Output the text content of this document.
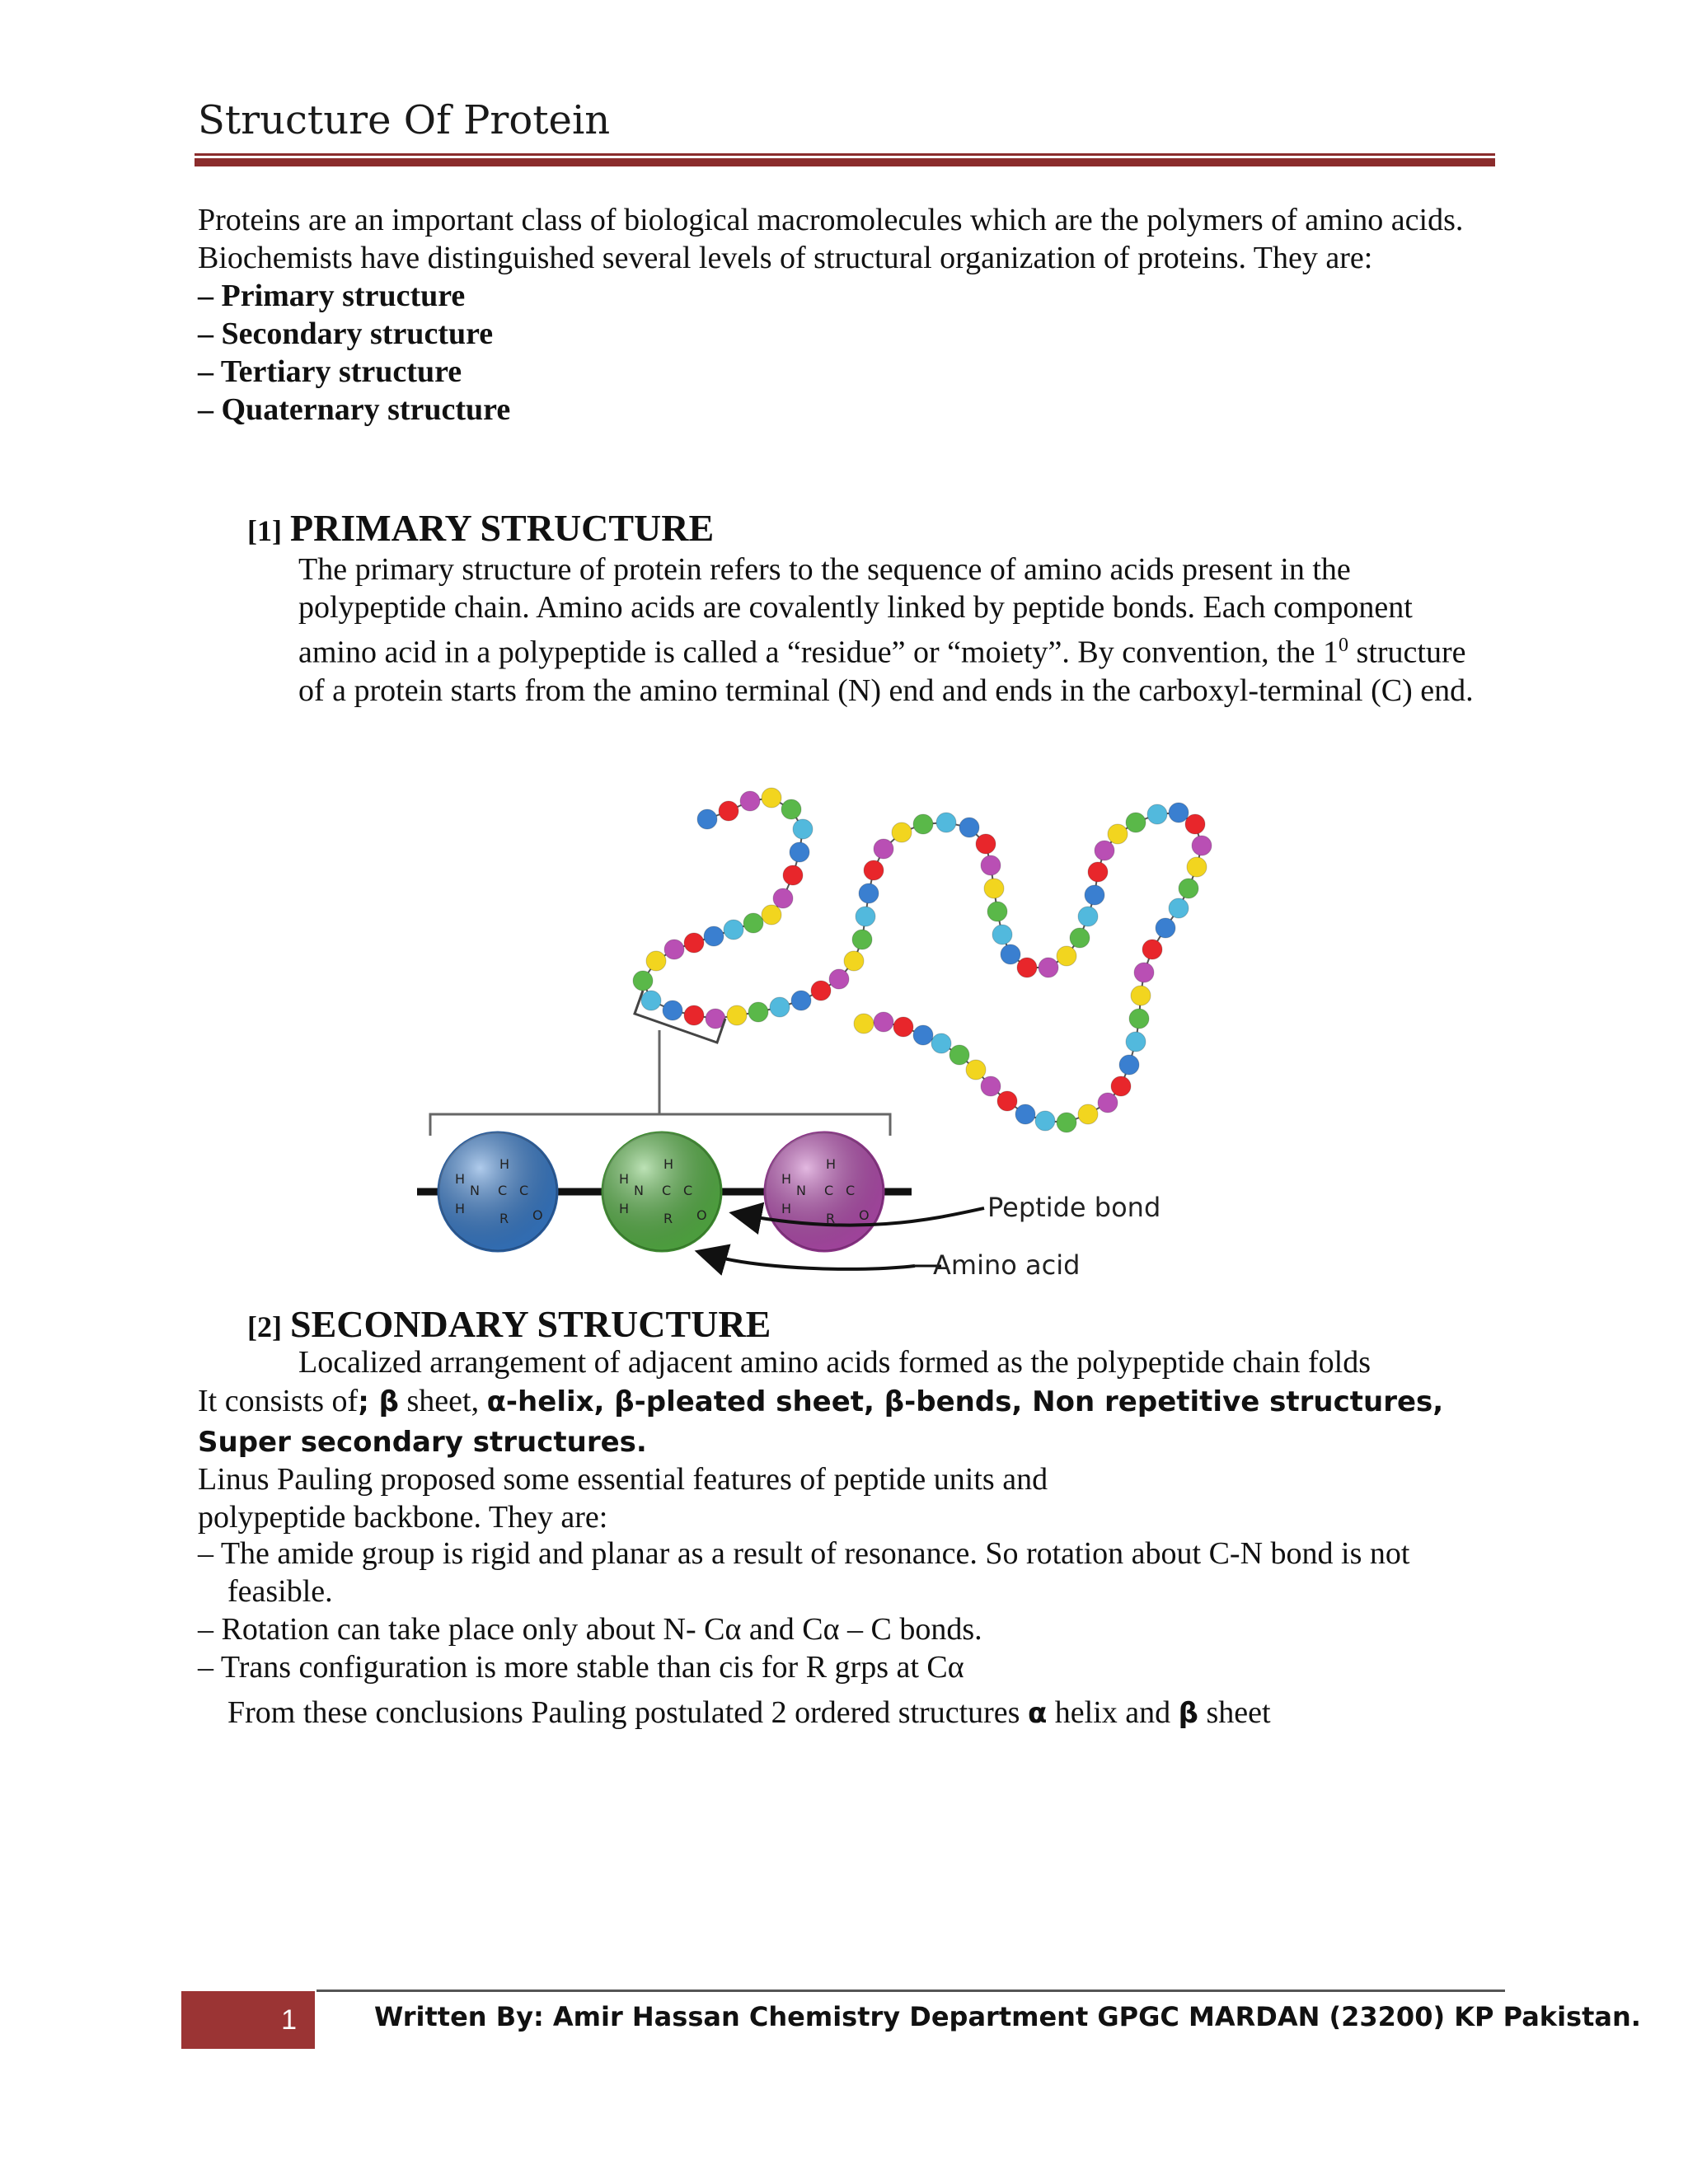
Structure Of Protein

Proteins are an important class of biological macromolecules which are the polymers of amino acids. Biochemists have distinguished several levels of structural organization of proteins. They are:

– Primary structure
– Secondary structure
– Tertiary structure
– Quaternary structure
[1] PRIMARY STRUCTURE

The primary structure of protein refers to the sequence of amino acids present in the polypeptide chain. Amino acids are covalently linked by peptide bonds. Each component amino acid in a polypeptide is called a “residue” or “moiety”. By convention, the $1^0$ structure of a protein starts from the amino terminal (N) end and ends in the carboxyl-terminal (C) end.

H
H
N C C
H
R O
H
H
N C C
H
R O
H
H
N C C
H
R O	Peptide bond
Amino acid
[2] SECONDARY STRUCTURE

Localized arrangement of adjacent amino acids formed as the polypeptide chain folds

It consists of; β sheet, α-helix, β-pleated sheet, β-bends, Non repetitive structures, Super secondary structures.

Linus Pauling proposed some essential features of peptide units and

polypeptide backbone. They are:

– The amide group is rigid and planar as a result of resonance. So rotation about C-N bond is not feasible.
– Rotation can take place only about N- Cα and Cα – C bonds.
– Trans configuration is more stable than cis for R grps at Cα

From these conclusions Pauling postulated 2 ordered structures α helix and β sheet

1	Written By: Amir Hassan Chemistry Department GPGC MARDAN (23200) KP Pakistan.
